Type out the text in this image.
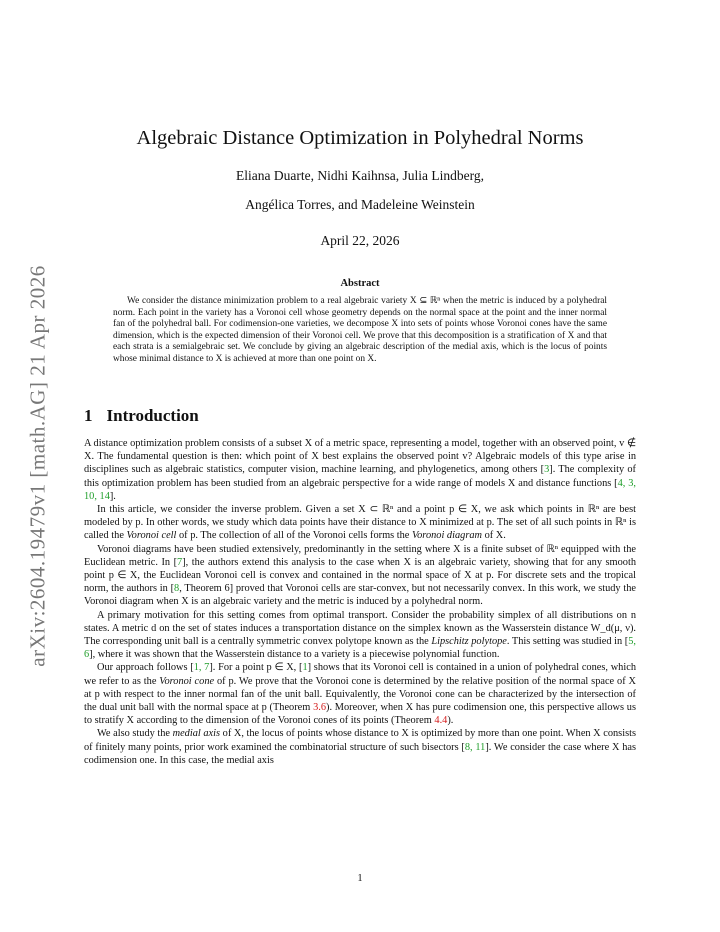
arXiv:2604.19479v1 [math.AG] 21 Apr 2026
Algebraic Distance Optimization in Polyhedral Norms
Eliana Duarte, Nidhi Kaihnsa, Julia Lindberg,
Angélica Torres, and Madeleine Weinstein
April 22, 2026
Abstract
We consider the distance minimization problem to a real algebraic variety X ⊆ ℝⁿ when the metric is induced by a polyhedral norm. Each point in the variety has a Voronoi cell whose geometry depends on the normal space at the point and the inner normal fan of the polyhedral ball. For codimension-one varieties, we decompose X into sets of points whose Voronoi cones have the same dimension, which is the expected dimension of their Voronoi cell. We prove that this decomposition is a stratification of X and that each strata is a semialgebraic set. We conclude by giving an algebraic description of the medial axis, which is the locus of points whose minimal distance to X is achieved at more than one point on X.
1 Introduction

A distance optimization problem consists of a subset X of a metric space, representing a model, together with an observed point, v ∉ X. The fundamental question is then: which point of X best explains the observed point v? Algebraic models of this type arise in disciplines such as algebraic statistics, computer vision, machine learning, and phylogenetics, among others [3]. The complexity of this optimization problem has been studied from an algebraic perspective for a wide range of models X and distance functions [4, 3, 10, 14].

In this article, we consider the inverse problem. Given a set X ⊂ ℝⁿ and a point p ∈ X, we ask which points in ℝⁿ are best modeled by p. In other words, we study which data points have their distance to X minimized at p. The set of all such points in ℝⁿ is called the Voronoi cell of p. The collection of all of the Voronoi cells forms the Voronoi diagram of X.

Voronoi diagrams have been studied extensively, predominantly in the setting where X is a finite subset of ℝⁿ equipped with the Euclidean metric. In [7], the authors extend this analysis to the case when X is an algebraic variety, showing that for any smooth point p ∈ X, the Euclidean Voronoi cell is convex and contained in the normal space of X at p. For discrete sets and the tropical norm, the authors in [8, Theorem 6] proved that Voronoi cells are star-convex, but not necessarily convex. In this work, we study the Voronoi diagram when X is an algebraic variety and the metric is induced by a polyhedral norm.

A primary motivation for this setting comes from optimal transport. Consider the probability simplex of all distributions on n states. A metric d on the set of states induces a transportation distance on the simplex known as the Wasserstein distance W_d(μ, ν). The corresponding unit ball is a centrally symmetric convex polytope known as the Lipschitz polytope. This setting was studied in [5, 6], where it was shown that the Wasserstein distance to a variety is a piecewise polynomial function.

Our approach follows [1, 7]. For a point p ∈ X, [1] shows that its Voronoi cell is contained in a union of polyhedral cones, which we refer to as the Voronoi cone of p. We prove that the Voronoi cone is determined by the relative position of the normal space of X at p with respect to the inner normal fan of the unit ball. Equivalently, the Voronoi cone can be characterized by the intersection of the dual unit ball with the normal space at p (Theorem 3.6). Moreover, when X has pure codimension one, this perspective allows us to stratify X according to the dimension of the Voronoi cones of its points (Theorem 4.4).

We also study the medial axis of X, the locus of points whose distance to X is optimized by more than one point. When X consists of finitely many points, prior work examined the combinatorial structure of such bisectors [8, 11]. We consider the case where X has codimension one. In this case, the medial axis

1
